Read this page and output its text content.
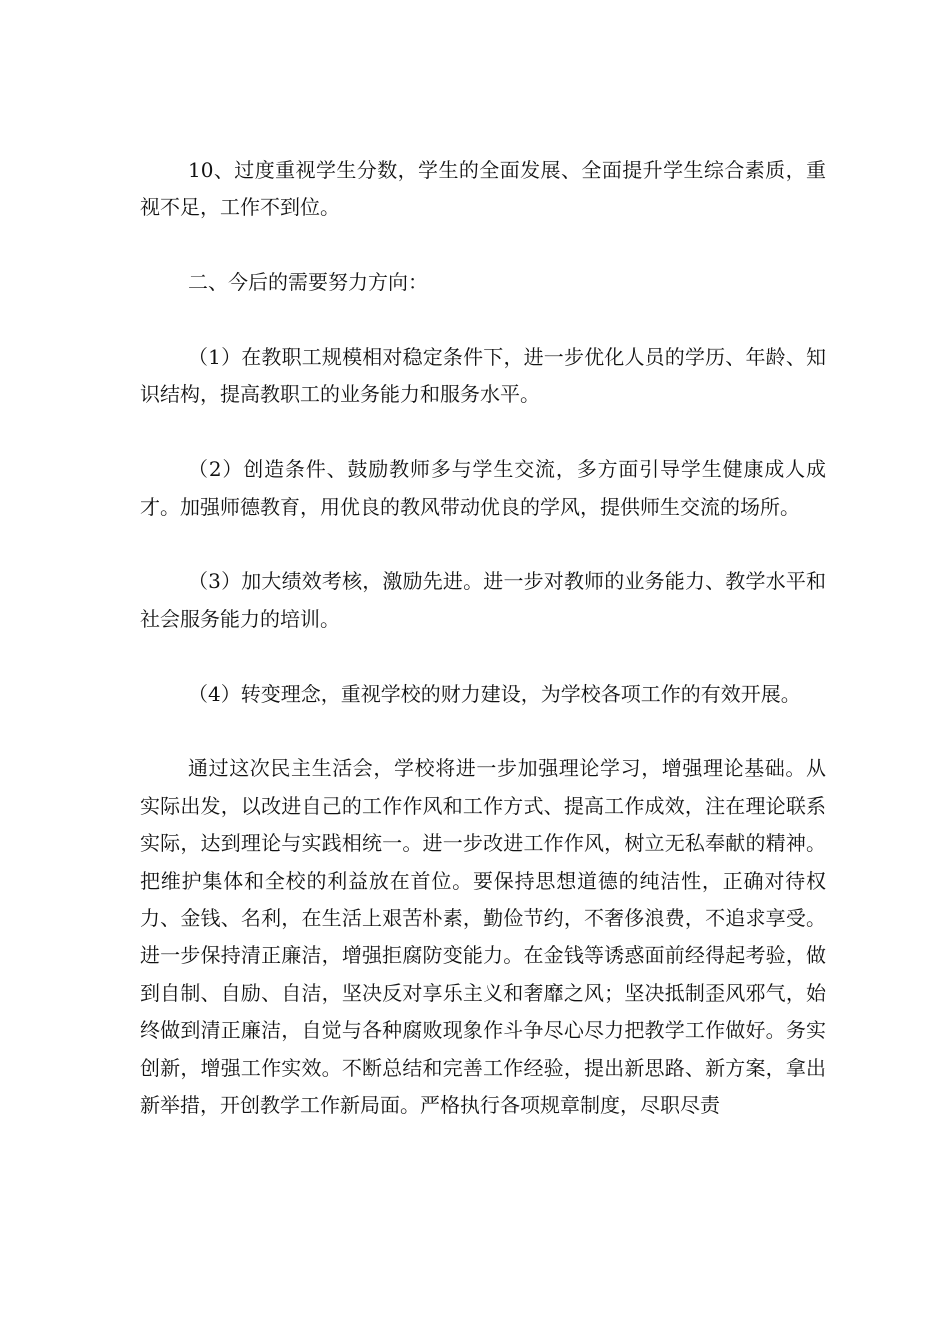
10、过度重视学生分数，学生的全面发展、全面提升学生综合素质，重视不足，工作不到位。

二、今后的需要努力方向：

（1）在教职工规模相对稳定条件下，进一步优化人员的学历、年龄、知识结构，提高教职工的业务能力和服务水平。

（2）创造条件、鼓励教师多与学生交流，多方面引导学生健康成人成才。加强师德教育，用优良的教风带动优良的学风，提供师生交流的场所。

（3）加大绩效考核，激励先进。进一步对教师的业务能力、教学水平和社会服务能力的培训。

（4）转变理念，重视学校的财力建设，为学校各项工作的有效开展。

通过这次民主生活会，学校将进一步加强理论学习，增强理论基础。从实际出发，以改进自己的工作作风和工作方式、提高工作成效，注在理论联系实际，达到理论与实践相统一。进一步改进工作作风，树立无私奉献的精神。把维护集体和全校的利益放在首位。要保持思想道德的纯洁性，正确对待权力、金钱、名利，在生活上艰苦朴素，勤俭节约，不奢侈浪费，不追求享受。进一步保持清正廉洁，增强拒腐防变能力。在金钱等诱惑面前经得起考验，做到自制、自励、自洁，坚决反对享乐主义和奢靡之风；坚决抵制歪风邪气，始终做到清正廉洁，自觉与各种腐败现象作斗争尽心尽力把教学工作做好。务实创新，增强工作实效。不断总结和完善工作经验，提出新思路、新方案，拿出新举措，开创教学工作新局面。严格执行各项规章制度，尽职尽责
